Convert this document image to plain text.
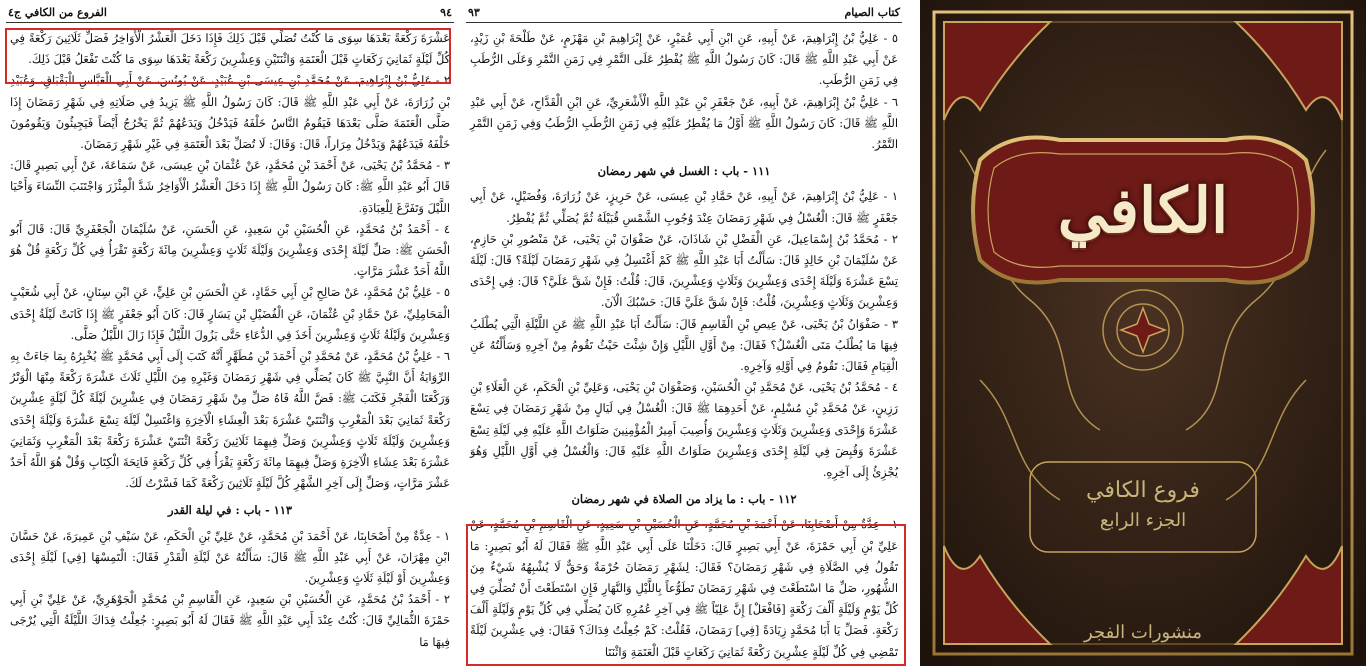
الفروع من الكافي ج٤	٩٤

عَشْرَةَ رَكْعَةً بَعْدَهَا سِوَى مَا كُنْتُ تُصَلِّي قَبْلَ ذَلِكَ فَإِذَا دَخَلَ الْعَشْرُ الْأَوَاخِرُ فَصَلِّ ثَلَاثِينَ رَكْعَةً فِي كُلِّ لَيْلَةٍ ثَمَانِيَ رَكَعَاتٍ قَبْلَ الْعَتَمَةِ وَاثْنَتَيْنِ وَعِشْرِينَ رَكْعَةً بَعْدَهَا سِوَى مَا كُنْتَ تَفْعَلُ قَبْلَ ذَلِكَ.

٢ - عَلِيُّ بْنُ إِبْرَاهِيمَ، عَنْ مُحَمَّدِ بْنِ عِيسَى بْنِ عُبَيْدٍ، عَنْ يُونُسَ، عَنْ أَبِي الْعَبَّاسِ الْبَقْبَاقِ، وَعُبَيْدِ بْنِ زُرَارَةَ، عَنْ أَبِي عَبْدِ اللَّهِ ﷺ قَالَ: كَانَ رَسُولُ اللَّهِ ﷺ يَزِيدُ فِي صَلَاتِهِ فِي شَهْرِ رَمَضَانَ إِذَا صَلَّى الْعَتَمَةَ صَلَّى بَعْدَهَا فَيَقُومُ النَّاسُ خَلْفَهُ فَيَدْخُلُ وَيَدَعُهُمْ ثُمَّ يَخْرُجُ أَيْضاً فَيَجِيئُونَ وَيَقُومُونَ خَلْفَهُ فَيَدَعُهُمْ وَيَدْخُلُ مِرَاراً، قَالَ: وَقَالَ: لَا تُصَلِّ بَعْدَ الْعَتَمَةِ فِي غَيْرِ شَهْرِ رَمَضَانَ.

٣ - مُحَمَّدُ بْنُ يَحْيَى، عَنْ أَحْمَدَ بْنِ مُحَمَّدٍ، عَنْ عُثْمَانَ بْنِ عِيسَى، عَنْ سَمَاعَةَ، عَنْ أَبِي بَصِيرٍ قَالَ: قَالَ أَبُو عَبْدِ اللَّهِ ﷺ: كَانَ رَسُولُ اللَّهِ ﷺ إِذَا دَخَلَ الْعَشْرُ الْأَوَاخِرُ شَدَّ الْمِئْزَرَ وَاجْتَنَبَ النِّسَاءَ وَأَحْيَا اللَّيْلَ وَتَفَرَّغَ لِلْعِبَادَةِ.

٤ - أَحْمَدُ بْنُ مُحَمَّدٍ، عَنِ الْحُسَيْنِ بْنِ سَعِيدٍ، عَنِ الْحَسَنِ، عَنْ سُلَيْمَانَ الْجَعْفَرِيِّ قَالَ: قَالَ أَبُو الْحَسَنِ ﷺ: صَلِّ لَيْلَةَ إِحْدَى وَعِشْرِينَ وَلَيْلَةَ ثَلَاثٍ وَعِشْرِينَ مِائَةَ رَكْعَةٍ تَقْرَأُ فِي كُلِّ رَكْعَةٍ قُلْ هُوَ اللَّهُ أَحَدٌ عَشْرَ مَرَّاتٍ.

٥ - عَلِيُّ بْنُ مُحَمَّدٍ، عَنْ صَالِحِ بْنِ أَبِي حَمَّادٍ، عَنِ الْحَسَنِ بْنِ عَلِيٍّ، عَنِ ابْنِ سِنَانٍ، عَنْ أَبِي شُعَيْبٍ الْمَحَامِلِيِّ، عَنْ حَمَّادِ بْنِ عُثْمَانَ، عَنِ الْفُضَيْلِ بْنِ يَسَارٍ قَالَ: كَانَ أَبُو جَعْفَرٍ ﷺ إِذَا كَانَتْ لَيْلَةُ إِحْدَى وَعِشْرِينَ وَلَيْلَةُ ثَلَاثٍ وَعِشْرِينَ أَخَذَ فِي الدُّعَاءِ حَتَّى يَزُولَ اللَّيْلُ فَإِذَا زَالَ اللَّيْلُ صَلَّى.

٦ - عَلِيُّ بْنُ مُحَمَّدٍ، عَنْ مُحَمَّدِ بْنِ أَحْمَدَ بْنِ مُطَهَّرٍ أَنَّهُ كَتَبَ إِلَى أَبِي مُحَمَّدٍ ﷺ يُخْبِرُهُ بِمَا جَاءَتْ بِهِ الرِّوَايَةُ أَنَّ النَّبِيَّ ﷺ كَانَ يُصَلِّي فِي شَهْرِ رَمَضَانَ وَغَيْرِهِ مِنَ اللَّيْلِ ثَلَاثَ عَشْرَةَ رَكْعَةً مِنْهَا الْوَتْرُ وَرَكْعَتَا الْفَجْرِ فَكَتَبَ ﷺ: فَضَّ اللَّهُ فَاهُ صَلِّ مِنْ شَهْرِ رَمَضَانَ فِي عِشْرِينَ لَيْلَةً كُلَّ لَيْلَةٍ عِشْرِينَ رَكْعَةً ثَمَانِيَ بَعْدَ الْمَغْرِبِ وَاثْنَتَيْ عَشْرَةَ بَعْدَ الْعِشَاءِ الْآخِرَةِ وَاغْتَسِلْ لَيْلَةَ تِسْعَ عَشْرَةَ وَلَيْلَةَ إِحْدَى وَعِشْرِينَ وَلَيْلَةَ ثَلَاثٍ وَعِشْرِينَ وَصَلِّ فِيهِمَا ثَلَاثِينَ رَكْعَةً اثْنَتَيْ عَشْرَةَ رَكْعَةً بَعْدَ الْمَغْرِبِ وَثَمَانِيَ عَشْرَةَ بَعْدَ عِشَاءِ الْآخِرَةِ وَصَلِّ فِيهِمَا مِائَةَ رَكْعَةٍ يَقْرَأُ فِي كُلِّ رَكْعَةٍ فَاتِحَةَ الْكِتَابِ وَقُلْ هُوَ اللَّهُ أَحَدٌ عَشْرَ مَرَّاتٍ، وَصَلِّ إِلَى آخِرِ الشَّهْرِ كُلَّ لَيْلَةٍ ثَلَاثِينَ رَكْعَةً كَمَا فَسَّرْتُ لَكَ.

١١٣ - باب : في ليلة القدر

١ - عِدَّةٌ مِنْ أَصْحَابِنَا، عَنْ أَحْمَدَ بْنِ مُحَمَّدٍ، عَنْ عَلِيِّ بْنِ الْحَكَمِ، عَنْ سَيْفِ بْنِ عَمِيرَةَ، عَنْ حَسَّانَ ابْنِ مِهْرَانَ، عَنْ أَبِي عَبْدِ اللَّهِ ﷺ قَالَ: سَأَلْتُهُ عَنْ لَيْلَةِ الْقَدْرِ فَقَالَ: الْتَمِسْهَا [فِي] لَيْلَةِ إِحْدَى وَعِشْرِينَ أَوْ لَيْلَةِ ثَلَاثٍ وَعِشْرِينَ.

٢ - أَحْمَدُ بْنُ مُحَمَّدٍ، عَنِ الْحُسَيْنِ بْنِ سَعِيدٍ، عَنِ الْقَاسِمِ بْنِ مُحَمَّدٍ الْجَوْهَرِيِّ، عَنْ عَلِيِّ بْنِ أَبِي حَمْزَةَ الثُّمَالِيِّ قَالَ: كُنْتُ عِنْدَ أَبِي عَبْدِ اللَّهِ ﷺ فَقَالَ لَهُ أَبُو بَصِيرٍ: جُعِلْتُ فِدَاكَ اللَّيْلَةُ الَّتِي يُرْجَى فِيهَا مَا

٩٣	كتاب الصيام

٥ - عَلِيُّ بْنُ إِبْرَاهِيمَ، عَنْ أَبِيهِ، عَنِ ابْنِ أَبِي عُمَيْرٍ، عَنْ إِبْرَاهِيمَ بْنِ مَهْزَمٍ، عَنْ طَلْحَةَ بْنِ زَيْدٍ، عَنْ أَبِي عَبْدِ اللَّهِ ﷺ قَالَ: كَانَ رَسُولُ اللَّهِ ﷺ يُفْطِرُ عَلَى التَّمْرِ فِي زَمَنِ التَّمْرِ وَعَلَى الرُّطَبِ فِي زَمَنِ الرُّطَبِ.

٦ - عَلِيُّ بْنُ إِبْرَاهِيمَ، عَنْ أَبِيهِ، عَنْ جَعْفَرِ بْنِ عَبْدِ اللَّهِ الْأَشْعَرِيِّ، عَنِ ابْنِ الْقَدَّاحِ، عَنْ أَبِي عَبْدِ اللَّهِ ﷺ قَالَ: كَانَ رَسُولُ اللَّهِ ﷺ أَوَّلُ مَا يُفْطِرُ عَلَيْهِ فِي زَمَنِ الرُّطَبِ الرُّطَبُ وَفِي زَمَنِ التَّمْرِ التَّمْرُ.

١١١ - باب : الغسل في شهر رمضان

١ - عَلِيُّ بْنُ إِبْرَاهِيمَ، عَنْ أَبِيهِ، عَنْ حَمَّادِ بْنِ عِيسَى، عَنْ حَرِيزٍ، عَنْ زُرَارَةَ، وَفُضَيْلٍ، عَنْ أَبِي جَعْفَرٍ ﷺ قَالَ: الْغُسْلُ فِي شَهْرِ رَمَضَانَ عِنْدَ وُجُوبِ الشَّمْسِ قُبَيْلَهُ ثُمَّ يُصَلِّي ثُمَّ يُفْطِرُ.

٢ - مُحَمَّدُ بْنُ إِسْمَاعِيلَ، عَنِ الْفَضْلِ بْنِ شَاذَانَ، عَنْ صَفْوَانَ بْنِ يَحْيَى، عَنْ مَنْصُورِ بْنِ حَازِمٍ، عَنْ سُلَيْمَانَ بْنِ خَالِدٍ قَالَ: سَأَلْتُ أَبَا عَبْدِ اللَّهِ ﷺ كَمْ أَغْتَسِلُ فِي شَهْرِ رَمَضَانَ لَيْلَةً؟ قَالَ: لَيْلَةَ تِسْعَ عَشْرَةَ وَلَيْلَةَ إِحْدَى وَعِشْرِينَ وَثَلَاثٍ وَعِشْرِينَ، قَالَ: قُلْتُ: فَإِنْ شَقَّ عَلَيَّ؟ قَالَ: فِي إِحْدَى وَعِشْرِينَ وَثَلَاثٍ وَعِشْرِينَ، قُلْتُ: فَإِنْ شَقَّ عَلَيَّ قَالَ: حَسْبُكَ الْآنَ.

٣ - صَفْوَانُ بْنُ يَحْيَى، عَنْ عِيصِ بْنِ الْقَاسِمِ قَالَ: سَأَلْتُ أَبَا عَبْدِ اللَّهِ ﷺ عَنِ اللَّيْلَةِ الَّتِي يُطْلَبُ فِيهَا مَا يُطْلَبُ مَتَى الْغُسْلُ؟ فَقَالَ: مِنْ أَوَّلِ اللَّيْلِ وَإِنْ شِئْتَ حَيْثُ تَقُومُ مِنْ آخِرِهِ وَسَأَلْتُهُ عَنِ الْقِيَامِ فَقَالَ: تَقُومُ فِي أَوَّلِهِ وَآخِرِهِ.

٤ - مُحَمَّدُ بْنُ يَحْيَى، عَنْ مُحَمَّدِ بْنِ الْحُسَيْنِ، وَصَفْوَانَ بْنِ يَحْيَى، وَعَلِيِّ بْنِ الْحَكَمِ، عَنِ الْعَلَاءِ بْنِ رَزِينٍ، عَنْ مُحَمَّدِ بْنِ مُسْلِمٍ، عَنْ أَحَدِهِمَا ﷺ قَالَ: الْغُسْلُ فِي لَيَالٍ مِنْ شَهْرِ رَمَضَانَ فِي تِسْعَ عَشْرَةَ وَإِحْدَى وَعِشْرِينَ وَثَلَاثٍ وَعِشْرِينَ وَأُصِيبَ أَمِيرُ الْمُؤْمِنِينَ صَلَوَاتُ اللَّهِ عَلَيْهِ فِي لَيْلَةِ تِسْعَ عَشْرَةَ وَقُبِضَ فِي لَيْلَةِ إِحْدَى وَعِشْرِينَ صَلَوَاتُ اللَّهِ عَلَيْهِ قَالَ: وَالْغُسْلُ فِي أَوَّلِ اللَّيْلِ وَهُوَ يُجْزِئُ إِلَى آخِرِهِ.

١١٢ - باب : ما يزاد من الصلاة في شهر رمضان

١ - عِدَّةٌ مِنْ أَصْحَابِنَا، عَنْ أَحْمَدَ بْنِ مُحَمَّدٍ، عَنِ الْحُسَيْنِ بْنِ سَعِيدٍ، عَنِ الْقَاسِمِ بْنِ مُحَمَّدٍ، عَنْ عَلِيِّ بْنِ أَبِي حَمْزَةَ، عَنْ أَبِي بَصِيرٍ قَالَ: دَخَلْنَا عَلَى أَبِي عَبْدِ اللَّهِ ﷺ فَقَالَ لَهُ أَبُو بَصِيرٍ: مَا تَقُولُ فِي الصَّلَاةِ فِي شَهْرِ رَمَضَانَ؟ فَقَالَ: لِشَهْرِ رَمَضَانَ حُرْمَةٌ وَحَقٌّ لَا يُشْبِهُهُ شَيْءٌ مِنَ الشُّهُورِ، صَلِّ مَا اسْتَطَعْتَ فِي شَهْرِ رَمَضَانَ تَطَوُّعاً بِاللَّيْلِ وَالنَّهَارِ فَإِنِ اسْتَطَعْتَ أَنْ تُصَلِّيَ فِي كُلِّ يَوْمٍ وَلَيْلَةٍ أَلْفَ رَكْعَةٍ [فَافْعَلْ] إِنَّ عَلِيّاً ﷺ فِي آخِرِ عُمُرِهِ كَانَ يُصَلِّي فِي كُلِّ يَوْمٍ وَلَيْلَةٍ أَلْفَ رَكْعَةٍ. فَصَلِّ يَا أَبَا مُحَمَّدٍ زِيَادَةً [فِي] رَمَضَانَ، فَقُلْتُ: كَمْ جُعِلْتُ فِدَاكَ؟ فَقَالَ: فِي عِشْرِينَ لَيْلَةً تَمْضِي فِي كُلِّ لَيْلَةٍ عِشْرِينَ رَكْعَةً ثَمَانِيَ رَكَعَاتٍ قَبْلَ الْعَتَمَةِ وَاثْنَتَا

الكافي
فروع الكافي
الجزء الرابع
منشورات الفجر
